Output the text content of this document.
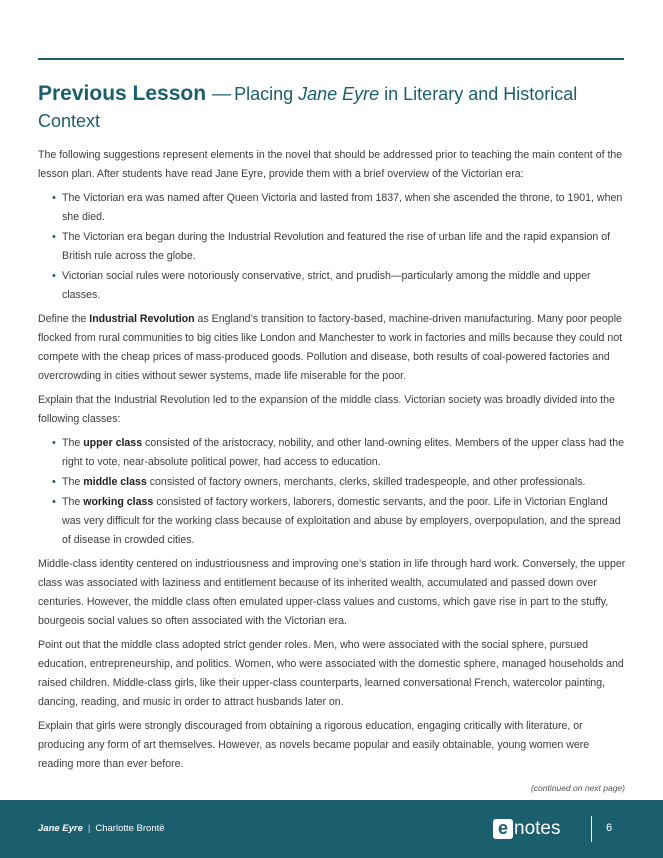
Previous Lesson — Placing Jane Eyre in Literary and Historical Context

The following suggestions represent elements in the novel that should be addressed prior to teaching the main content of the lesson plan. After students have read Jane Eyre, provide them with a brief overview of the Victorian era:

• The Victorian era was named after Queen Victoria and lasted from 1837, when she ascended the throne, to 1901, when she died.
• The Victorian era began during the Industrial Revolution and featured the rise of urban life and the rapid expansion of British rule across the globe.
• Victorian social rules were notoriously conservative, strict, and prudish—particularly among the middle and upper classes.

Define the Industrial Revolution as England’s transition to factory-based, machine-driven manufacturing. Many poor people flocked from rural communities to big cities like London and Manchester to work in factories and mills because they could not compete with the cheap prices of mass-produced goods. Pollution and disease, both results of coal-powered factories and overcrowding in cities without sewer systems, made life miserable for the poor.

Explain that the Industrial Revolution led to the expansion of the middle class. Victorian society was broadly divided into the following classes:

• The upper class consisted of the aristocracy, nobility, and other land-owning elites. Members of the upper class had the right to vote, near-absolute political power, had access to education.
• The middle class consisted of factory owners, merchants, clerks, skilled tradespeople, and other professionals.
• The working class consisted of factory workers, laborers, domestic servants, and the poor. Life in Victorian England was very difficult for the working class because of exploitation and abuse by employers, overpopulation, and the spread of disease in crowded cities.

Middle-class identity centered on industriousness and improving one’s station in life through hard work. Conversely, the upper class was associated with laziness and entitlement because of its inherited wealth, accumulated and passed down over centuries. However, the middle class often emulated upper-class values and customs, which gave rise in part to the stuffy, bourgeois social values so often associated with the Victorian era.

Point out that the middle class adopted strict gender roles. Men, who were associated with the social sphere, pursued education, entrepreneurship, and politics. Women, who were associated with the domestic sphere, managed households and raised children. Middle-class girls, like their upper-class counterparts, learned conversational French, watercolor painting, dancing, reading, and music in order to attract husbands later on.

Explain that girls were strongly discouraged from obtaining a rigorous education, engaging critically with literature, or producing any form of art themselves. However, as novels became popular and easily obtainable, young women were reading more than ever before.

(continued on next page)
Jane Eyre | Charlotte Brontë	e notes	6
